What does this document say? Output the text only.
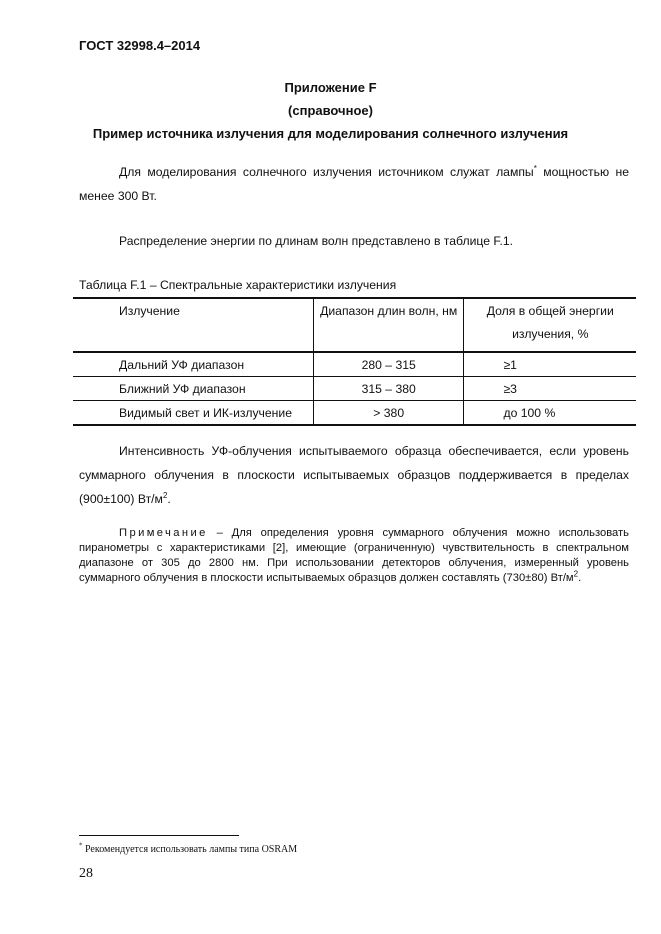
ГОСТ 32998.4–2014
Приложение F
(справочное)
Пример источника излучения для моделирования солнечного излучения

Для моделирования солнечного излучения источником служат лампы* мощностью не менее 300 Вт.

Распределение энергии по длинам волн представлено в таблице F.1.

Таблица F.1 – Спектральные характеристики излучения
Излучение	Диапазон длин волн, нм	Доля в общей энергии излучения, %
Дальний УФ диапазон	280 – 315	≥1
Ближний УФ диапазон	315 – 380	≥3
Видимый свет и ИК-излучение	> 380	до 100 %

Интенсивность УФ-облучения испытываемого образца обеспечивается, если уровень суммарного облучения в плоскости испытываемых образцов поддерживается в пределах (900±100) $Вт/м^2$.

Примечание – Для определения уровня суммарного облучения можно использовать пиранометры с характеристиками [2], имеющие (ограниченную) чувствительность в спектральном диапазоне от 305 до 2800 нм. При использовании детекторов облучения, измеренный уровень суммарного облучения в плоскости испытываемых образцов должен составлять (730±80) $Вт/м^2$.

* Рекомендуется использовать лампы типа OSRAM
28
